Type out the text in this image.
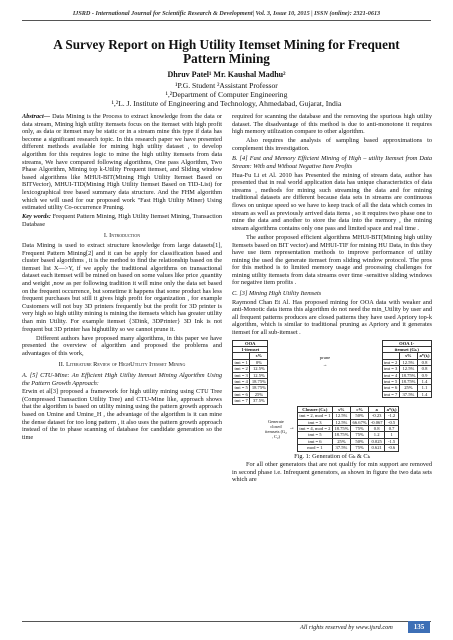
IJSRD - International Journal for Scientific Research & Development| Vol. 3, Issue 10, 2015 | ISSN (online): 2321-0613
A Survey Report on High Utility Itemset Mining for Frequent Pattern Mining
Dhruv Patel¹ Mr. Kaushal Madhu²
¹P.G. Student ²Assistant Professor
¹,²Department of Computer Engineering
¹,²L. J. Institute of Engineering and Technology, Ahmedabad, Gujarat, India

Abstract— Data Mining is the Process to extract knowledge from the data or data stream, Mining high utility itemsets focus on the itemset with high profit only, as data or itemset may be static or in a stream mine this type if data has become a significant research topic. In this research paper we have presented different methods available for mining high utility dataset , to develop algorithm for this requires logic to mine the high utility itemsets from data streams, We have compared following algorithms, One pass Algorithm, Two Phase Algorithm, Mining top k-Utility Frequent itemset, and Sliding window based algorithms like MHUI-BIT(Mining High Utility Itemset Based on BITVector), MHUI-TID(Mining High Utility Itemset Based on TID-List) for lexicographical tree based summary data structure. And the FHM algorithm which we will used for our proposed work "Fast High Utility Miner) Using estimated utility Co-occurrence Pruning.

Key words: Frequent Pattern Mining, High Utility Itemset Mining, Transaction Database

I. Introduction

Data Mining is used to extract structure knowledge from large datasets[1], Frequent Pattern Mining[2] and it can be apply for classification based and cluster based algorithms , it is the method to find the relationship based on the itemset list X—>Y, if we apply the traditional algorithms on transactional dataset each itemset will be mined on based on some values like price ,quantity and weight ,now as per following tradition it will mine only the data set based on the frequent occurrence, but sometime it happens that some product has less frequent purchases but still it gives high profit for organization , for example Customers will not buy 3D printers frequently but the profit for 3D printer is very high so high utility mining is mining the itemsets which has greater utility than min Utility. For example itemset {3Dink, 3DPrinter} 3D Ink is not frequent but 3D printer has highutility so we cannot prune it.

Different authors have proposed many algorithms, in this paper we have presented the overview of algorithm and proposed the problems and advantages of this work,

II. Literature Review of HighUtility Itemset Mining
A. [5] CTU-Mine: An Efficient High Utility Itemset Mining Algorithm Using the Pattern Growth Approach:

Erwin et al[3] proposed a framework for high utility mining using CTU Tree (Compressed Transaction Utility Tree) and CTU-Mine like, approach shows that the algorithm is based on utility mining using the pattern growth approach based on Umine and Umine_H , the advantage of the algorithm is it can mine the dense dataset for too long pattern , it also uses the pattern growth approach instead of the to phase scanning of database for candidate generation so the time

required for scanning the database and the removing the spurious high utility dataset. The disadvantage of this method is due to anti-monotone it requires high memory utilization compare to other algorithm.

Also requires the analysis of sampling based approximations to complement this investigation.

B. [4] Fast and Memory Efficient Mining of High – utility Itemset from Data Stream: With and Without Negative Item Profits

Hua-Fu Li et Al. 2010 has Presented the mining of stream data, author has presented that in real world application data has unique characteristics of data streams , methods for mining such streaming the data and for mining traditional datasets are different because data sets in streams are continuous flows on unique speed so we have to keep track of all the data which comes in stream as well as previously arrived data items , so it requires two phase one to mine the data and another to store the data into the memory , the mining stream algorithms contains only one pass and limited space and real time .

The author proposed efficient algorithms MHUI-BIT(Mining high utility Itemsets based on BIT vector) and MHUI-TIF for mining HU Data, in this they have use item representation methods to improve performance of utility mining the used the generate itemset from sliding window protocol. The pros for this method is to limited memory usage and processing challenges for mining utility itemsets from data streams over time -sensitive sliding windows for negative item profits .

C. [3] Mining High Utility Itemsets

Raymond Chan Et Al. Has proposed mining for OOA data with weaker and anti-Monotic data items this algorithm do not need the min_Utility by user and all frequent patterns produces are closed patterns they have used Apriory top-k algorithm, which is similar to traditional pruning as Apriory and it generates itemset for all sub-itemset .

OOA	
1-itemset	
	s%
tmt = 1	0%
tmt = 2	12.5%
tmt = 3	12.5%
tmt = 4	18.75%
tmt = 5	18.75%
tmt = 6	25%
tmt = 7	37.5%
prune
→
OOA 1-		
itemset (Gₖ)		
	s%	a*(tᵢ)
tmt = 2	12.5%	0.8
tmt = 3	12.5%	0.8
tmt = 4	18.75%	0.9
tmt = 5	18.75%	1.4
tmt = 6	25%	1.1
tmt = 7	37.5%	1.4
Generate closed itemsets (G₂ , C₂)
→
Closure (Cₖ)	s%	c%	a	a*(tᵢ)
tmt = 2, mod = 1	12.5%	50%	-0.23	-1.2
tmt = 3	12.5%	66.67%	-0.067	-0.5
tmt = 4, mod = 2	18.75%	75%	0.8	0.7
tmt = 5	18.75%	75%	1.2	1
tmt = 6	25%	50%	0.025	-1.5
mod = 1	37.5%	75%	0.621	-0.6
Fig. 1: Generation of Gₖ & Cₖ

For all other generators that are not qualify for min support are removed in second phase i.e. Infrequent generators, as shown in figure the two data sets which are

All rights reserved by www.ijsrd.com	135
